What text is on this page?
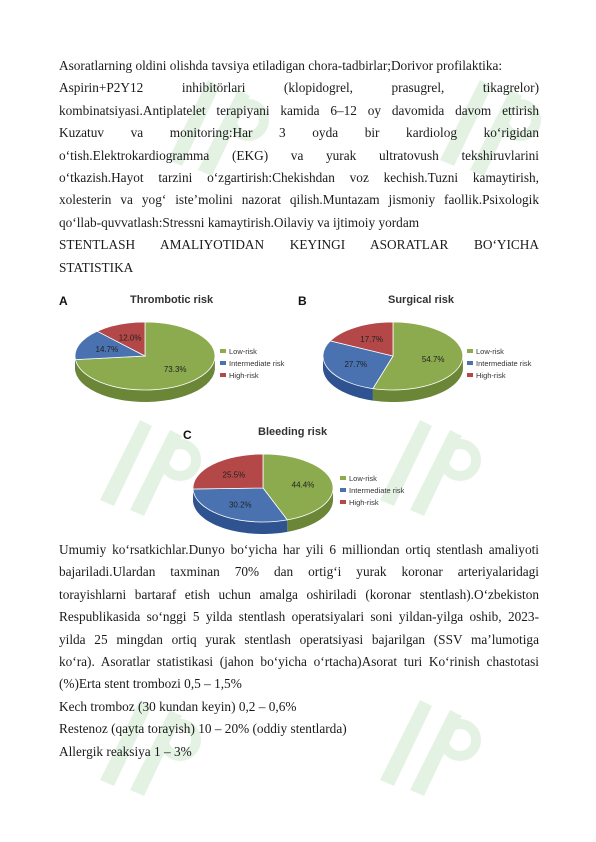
Asoratlarning oldini olishda tavsiya etiladigan chora-tadbirlar;Dorivor profilaktika:
Aspirin+P2Y12 inhibitörlari (klopidogrel, prasugrel, tikagrelor)
kombinatsiyasi.Antiplatelet terapiyani kamida 6–12 oy davomida davom ettirish
Kuzatuv va monitoring:Har 3 oyda bir kardiolog ko‘rigidan
o‘tish.Elektrokardiogramma (EKG) va yurak ultratovush tekshiruvlarini
o‘tkazish.Hayot tarzini o‘zgartirish:Chekishdan voz kechish.Tuzni kamaytirish,
xolesterin va yog‘ iste’molini nazorat qilish.Muntazam jismoniy faollik.Psixologik
qo‘llab-quvvatlash:Stressni kamaytirish.Oilaviy va ijtimoiy yordam
STENTLASH AMALIYOTIDAN KEYINGI ASORATLAR BO‘YICHA
STATISTIKA
A	Thrombotic risk
73.3%
14.7%
12.0%
Low-risk
Intermediate risk
High-risk
B	Surgical risk
54.7%
27.7%
17.7%
Low-risk
Intermediate risk
High-risk
C	Bleeding risk
44.4%
30.2%
25.5%	Low-risk
Intermediate risk
High-risk
Umumiy ko‘rsatkichlar.Dunyo bo‘yicha har yili 6 milliondan ortiq stentlash amaliyoti
bajariladi.Ulardan taxminan 70% dan ortig‘i yurak koronar arteriyalaridagi
torayishlarni bartaraf etish uchun amalga oshiriladi (koronar stentlash).O‘zbekiston
Respublikasida so‘nggi 5 yilda stentlash operatsiyalari soni yildan-yilga oshib, 2023-
yilda 25 mingdan ortiq yurak stentlash operatsiyasi bajarilgan (SSV ma’lumotiga
ko‘ra). Asoratlar statistikasi (jahon bo‘yicha o‘rtacha)Asorat turi Ko‘rinish chastotasi
(%)Erta stent trombozi 0,5 – 1,5%
Kech tromboz (30 kundan keyin) 0,2 – 0,6%
Restenoz (qayta torayish) 10 – 20% (oddiy stentlarda)
Allergik reaksiya 1 – 3%
